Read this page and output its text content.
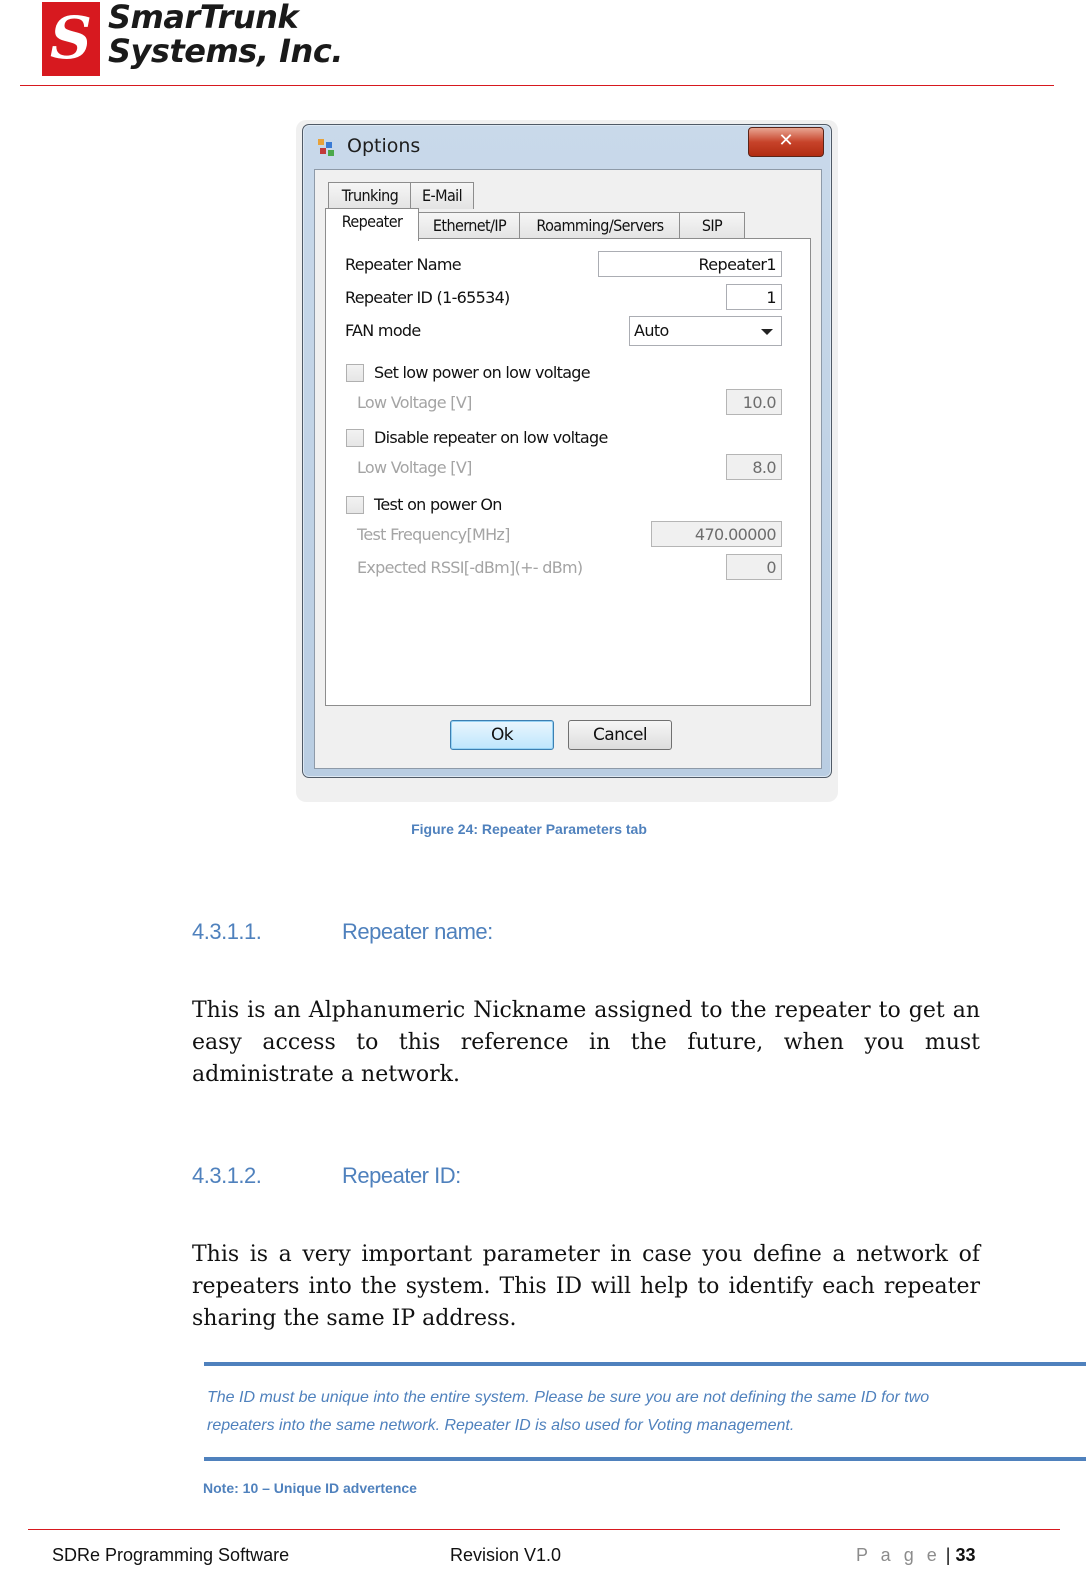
S SmarTrunk
Systems, Inc.
Options	✕
Trunking	E-Mail
Repeater	Ethernet/IP	Roamming/Servers	SIP
Repeater Name	Repeater1
Repeater ID (1-65534)	1
FAN mode	Auto
Set low power on low voltage
Low Voltage [V]	10.0
Disable repeater on low voltage
Low Voltage [V]	8.0
Test on power On
Test Frequency[MHz]	470.00000
Expected RSSI[-dBm](+- dBm)	0
Ok	Cancel
Figure 24: Repeater Parameters tab
4.3.1.1.	Repeater name:
This is an Alphanumeric Nickname assigned to the repeater to get an easy access to this reference in the future, when you must administrate a network.
4.3.1.2.	Repeater ID:
This is a very important parameter in case you define a network of repeaters into the system. This ID will help to identify each repeater sharing the same IP address.
The ID must be unique into the entire system. Please be sure you are not defining the same ID for two
repeaters into the same network. Repeater ID is also used for Voting management.
Note: 10 – Unique ID advertence
SDRe Programming Software	Revision V1.0	P a g e | 33
